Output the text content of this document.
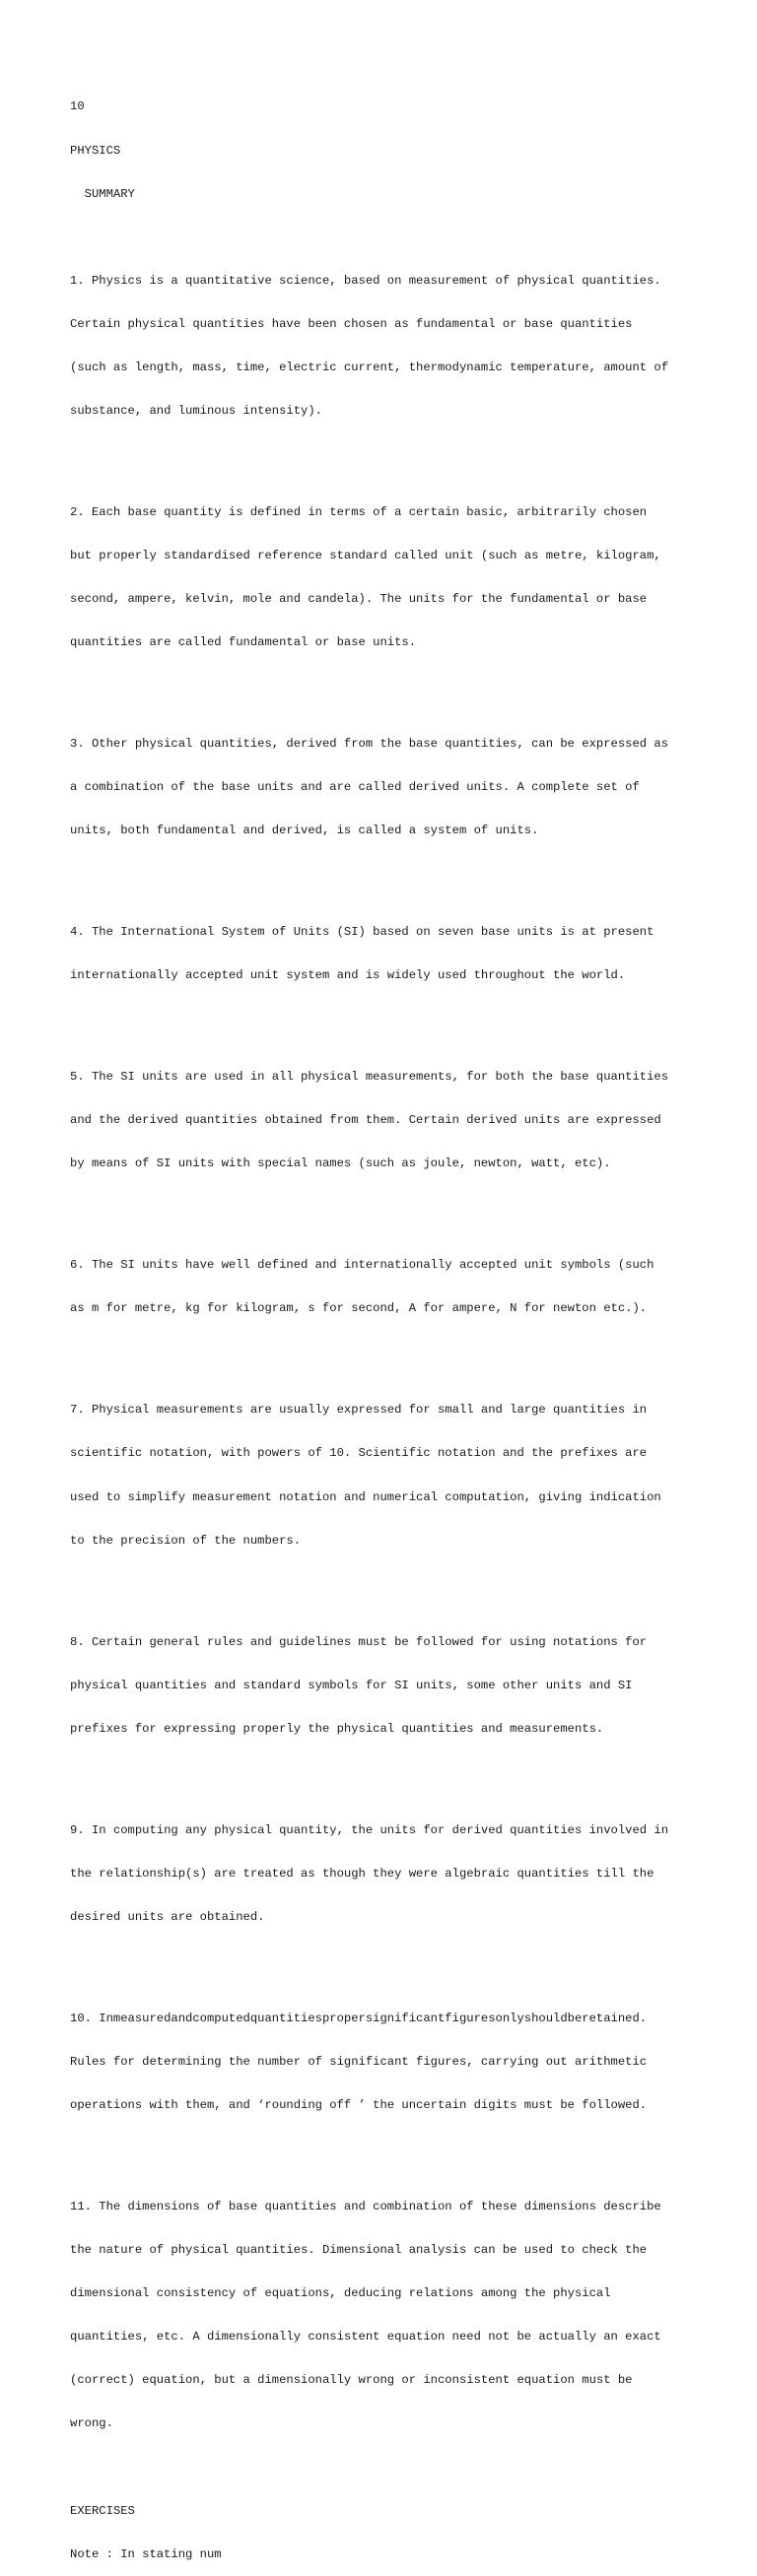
10

PHYSICS

SUMMARY

1. Physics is a quantitative science, based on measurement of physical quantities.

Certain physical quantities have been chosen as fundamental or base quantities

(such as length, mass, time, electric current, thermodynamic temperature, amount of

substance, and luminous intensity).

2. Each base quantity is defined in terms of a certain basic, arbitrarily chosen

but properly standardised reference standard called unit (such as metre, kilogram,

second, ampere, kelvin, mole and candela). The units for the fundamental or base

quantities are called fundamental or base units.

3. Other physical quantities, derived from the base quantities, can be expressed as

a combination of the base units and are called derived units. A complete set of

units, both fundamental and derived, is called a system of units.

4. The International System of Units (SI) based on seven base units is at present

internationally accepted unit system and is widely used throughout the world.

5. The SI units are used in all physical measurements, for both the base quantities

and the derived quantities obtained from them. Certain derived units are expressed

by means of SI units with special names (such as joule, newton, watt, etc).

6. The SI units have well defined and internationally accepted unit symbols (such

as m for metre, kg for kilogram, s for second, A for ampere, N for newton etc.).

7. Physical measurements are usually expressed for small and large quantities in

scientific notation, with powers of 10. Scientific notation and the prefixes are

used to simplify measurement notation and numerical computation, giving indication

to the precision of the numbers.

8. Certain general rules and guidelines must be followed for using notations for

physical quantities and standard symbols for SI units, some other units and SI

prefixes for expressing properly the physical quantities and measurements.

9. In computing any physical quantity, the units for derived quantities involved in

the relationship(s) are treated as though they were algebraic quantities till the

desired units are obtained.

10. Inmeasuredandcomputedquantitiespropersignificantfiguresonlyshouldberetained.

Rules for determining the number of significant figures, carrying out arithmetic

operations with them, and ‘rounding off ’ the uncertain digits must be followed.

11. The dimensions of base quantities and combination of these dimensions describe

the nature of physical quantities. Dimensional analysis can be used to check the

dimensional consistency of equations, deducing relations among the physical

quantities, etc. A dimensionally consistent equation need not be actually an exact

(correct) equation, but a dimensionally wrong or inconsistent equation must be

wrong.

EXERCISES

Note : In stating num
